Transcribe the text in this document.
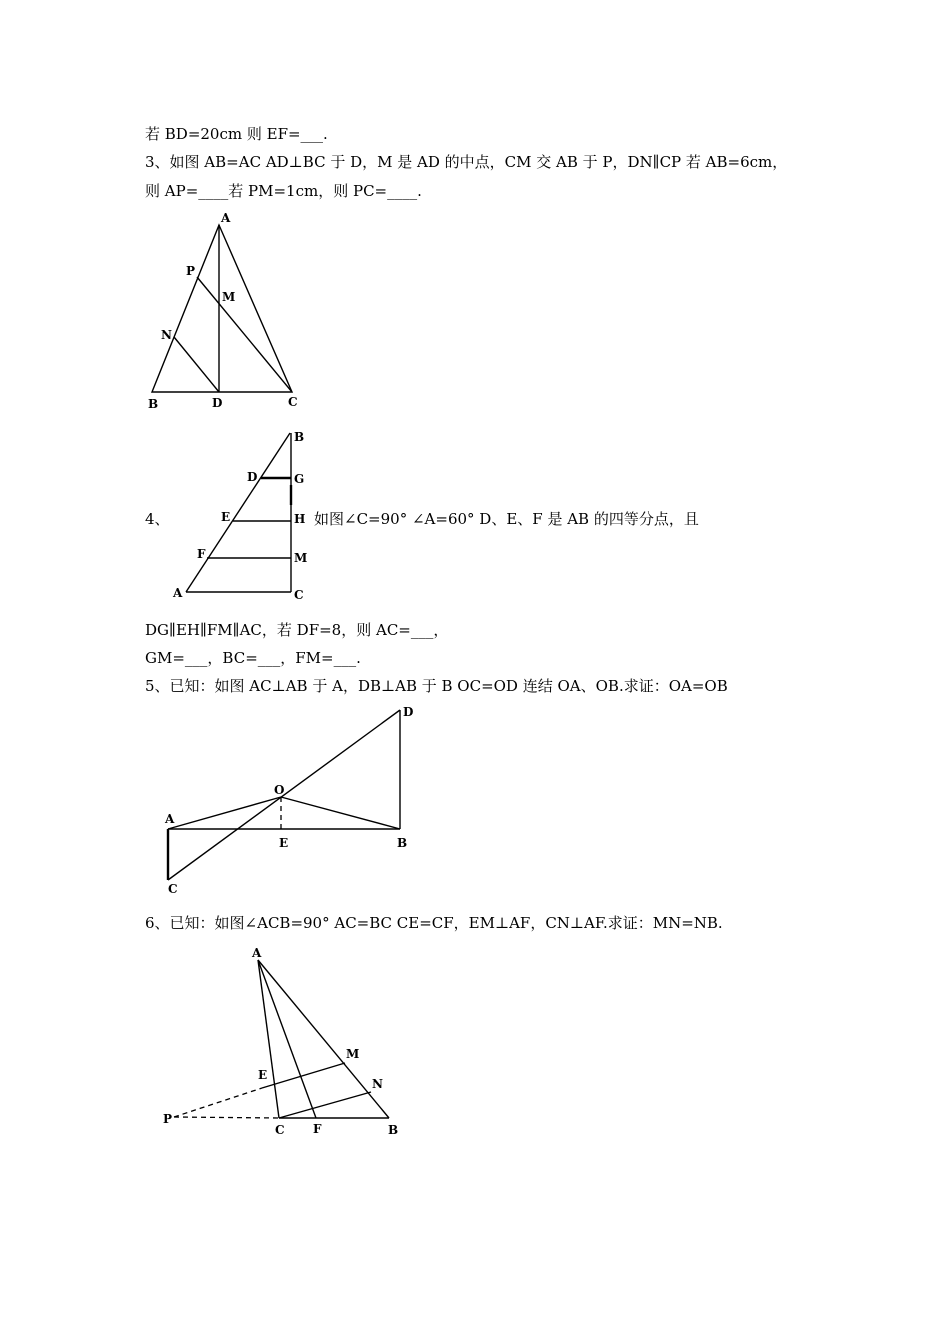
若 BD=20cm 则 EF=___.
3、如图 AB=AC AD⊥BC 于 D，M 是 AD 的中点，CM 交 AB 于 P，DN∥CP 若 AB=6cm，
则 AP=____若 PM=1cm，则 PC=____.
4、	如图∠C=90° ∠A=60° D、E、F 是 AB 的四等分点，且
DG∥EH∥FM∥AC，若 DF=8，则 AC=___，
GM=___，BC=___，FM=___.
5、已知：如图 AC⊥AB 于 A，DB⊥AB 于 B OC=OD 连结 OA、OB.求证：OA=OB
6、已知：如图∠ACB=90° AC=BC CE=CF，EM⊥AF，CN⊥AF.求证：MN=NB.
A
P
M
N
B	D	C
B
D	G
E	H
F	M
A	C
D
O
A
E	B
C
A
M
E
N
P
C F	B
